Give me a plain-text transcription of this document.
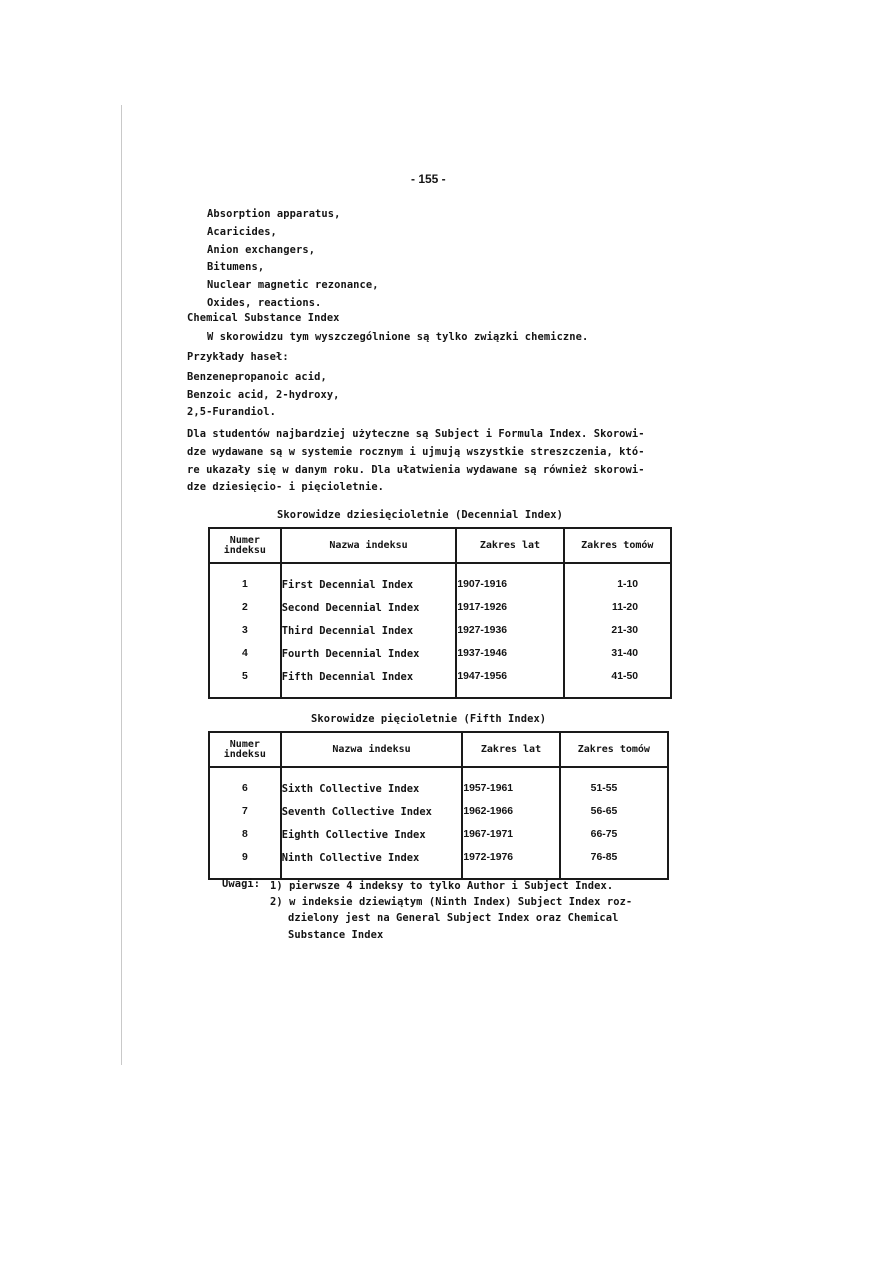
- 155 -
Absorption apparatus,
Acaricides,
Anion exchangers,
Bitumens,
Nuclear magnetic rezonance,
Oxides, reactions.
Chemical Substance Index
W skorowidzu tym wyszczególnione są tylko związki chemiczne.
Przykłady haseł:
Benzenepropanoic acid,
Benzoic acid, 2-hydroxy,
2,5-Furandiol.
Dla studentów najbardziej użyteczne są Subject i Formula Index. Skorowi-
dze wydawane są w systemie rocznym i ujmują wszystkie streszczenia, któ-
re ukazały się w danym roku. Dla ułatwienia wydawane są również skorowi-
dze dziesięcio- i pięcioletnie.
Skorowidze dziesięcioletnie (Decennial Index)
Numer
indeksu	Nazwa indeksu	Zakres lat	Zakres tomów

1	First Decennial Index	1907-1916	1-10
2	Second Decennial Index	1917-1926	11-20
3	Third Decennial Index	1927-1936	21-30
4	Fourth Decennial Index	1937-1946	31-40
5	Fifth Decennial Index	1947-1956	41-50

Skorowidze pięcioletnie (Fifth Index)
Numer
indeksu	Nazwa indeksu	Zakres lat	Zakres tomów

6	Sixth Collective Index	1957-1961	51-55
7	Seventh Collective Index	1962-1966	56-65
8	Eighth Collective Index	1967-1971	66-75
9	Ninth Collective Index	1972-1976	76-85

Uwagi: 1) pierwsze 4 indeksy to tylko Author i Subject Index.
2) w indeksie dziewiątym (Ninth Index) Subject Index roz-
dzielony jest na General Subject Index oraz Chemical
Substance Index
